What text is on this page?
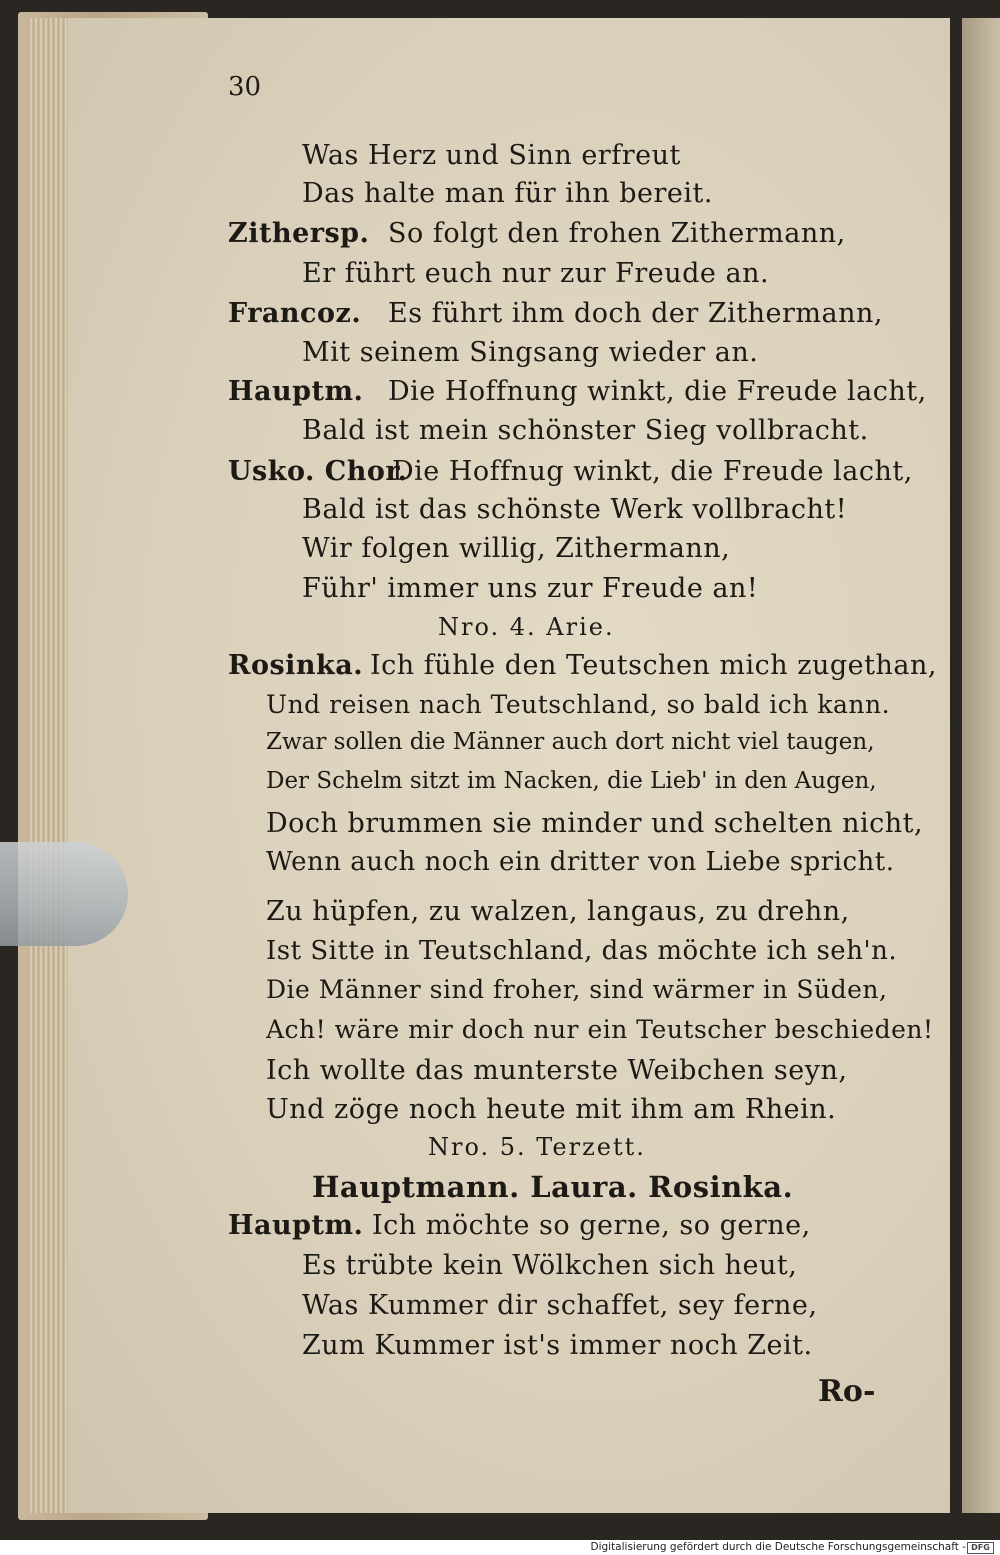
30
Was Herz und Sinn erfreut
Das halte man für ihn bereit.
Zithersp. So folgt den frohen Zithermann,
Er führt euch nur zur Freude an.
Francoz. Es führt ihm doch der Zithermann,
Mit seinem Singsang wieder an.
Hauptm. Die Hoffnung winkt, die Freude lacht,
Bald ist mein schönster Sieg vollbracht.
Usko. Chor.
Die Hoffnug winkt, die Freude lacht,
Bald ist das schönste Werk vollbracht!
Wir folgen willig, Zithermann,
Führ' immer uns zur Freude an!
Nro. 4. Arie.
Rosinka. Ich fühle den Teutschen mich zugethan,
Und reisen nach Teutschland, so bald ich kann.
Zwar sollen die Männer auch dort nicht viel taugen,
Der Schelm sitzt im Nacken, die Lieb' in den Augen,
Doch brummen sie minder und schelten nicht,
Wenn auch noch ein dritter von Liebe spricht.
Zu hüpfen, zu walzen, langaus, zu drehn,
Ist Sitte in Teutschland, das möchte ich seh'n.
Die Männer sind froher, sind wärmer in Süden,
Ach! wäre mir doch nur ein Teutscher beschieden!
Ich wollte das munterste Weibchen seyn,
Und zöge noch heute mit ihm am Rhein.
Nro. 5. Terzett.
Hauptmann. Laura. Rosinka.
Hauptm. Ich möchte so gerne, so gerne,
Es trübte kein Wölkchen sich heut,
Was Kummer dir schaffet, sey ferne,
Zum Kummer ist's immer noch Zeit.
Ro-
Digitalisierung gefördert durch die Deutsche Forschungsgemeinschaft - DFG
